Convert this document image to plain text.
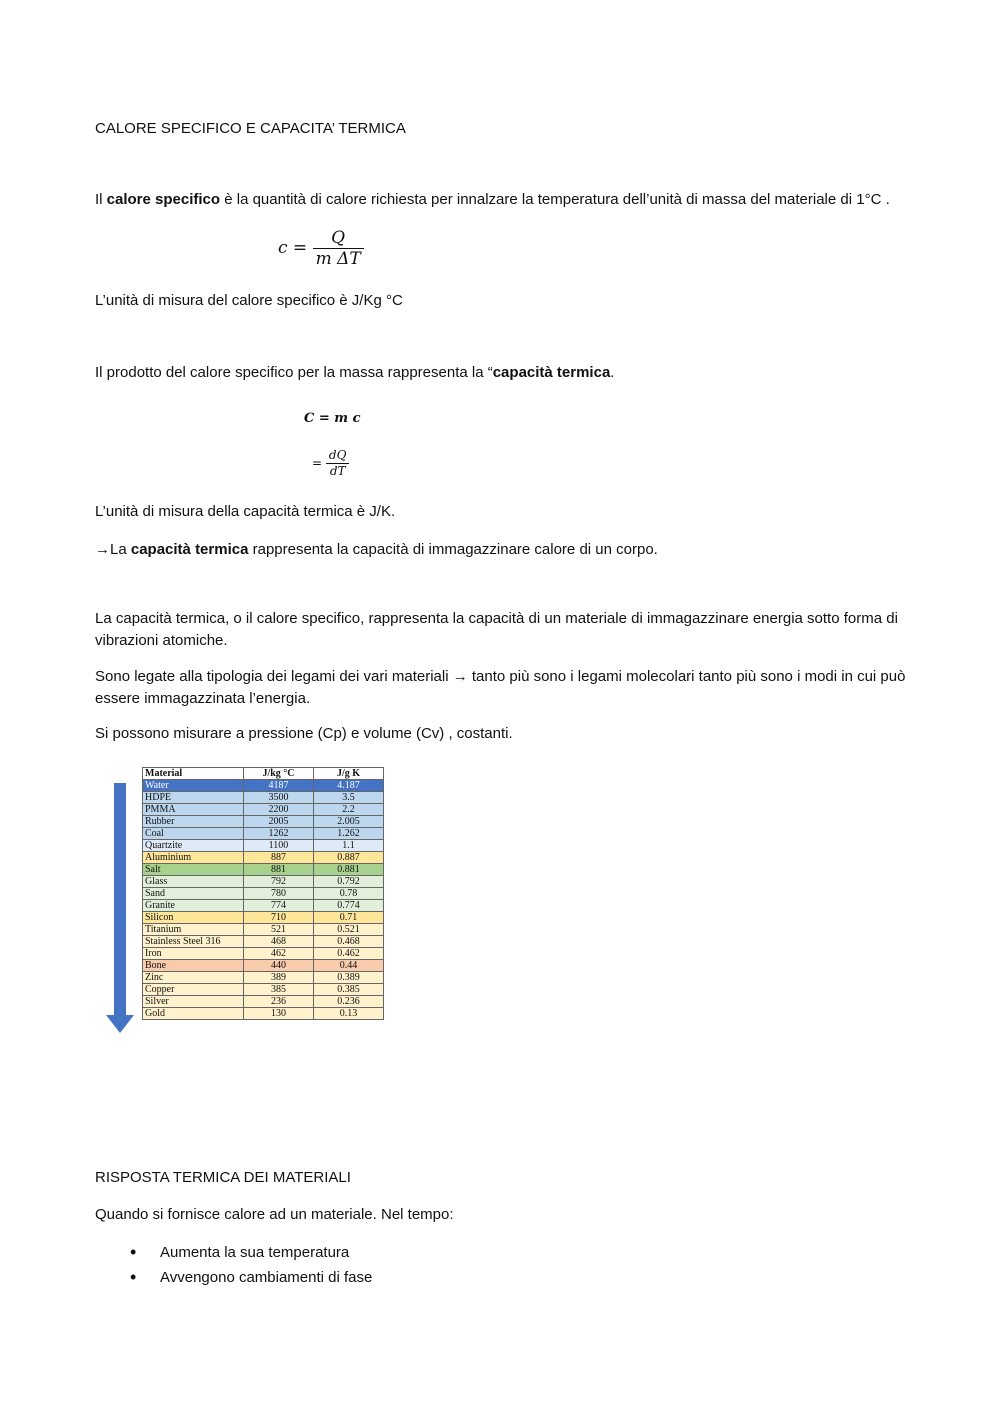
CALORE SPECIFICO E CAPACITA’ TERMICA
Il calore specifico è la quantità di calore richiesta per innalzare la temperatura dell’unità di massa del materiale di 1°C .
$c = \frac{Q}{\text{m ΔT}}$
L’unità di misura del calore specifico è J/Kg °C
Il prodotto del calore specifico per la massa rappresenta la “capacità termica.
C = m c
= $\frac{dQ}{dT}$
L’unità di misura della capacità termica è J/K.
→La capacità termica rappresenta la capacità di immagazzinare calore di un corpo.
La capacità termica, o il calore specifico, rappresenta la capacità di un materiale di immagazzinare energia sotto forma di vibrazioni atomiche.
Sono legate alla tipologia dei legami dei vari materiali → tanto più sono i legami molecolari tanto più sono i modi in cui può essere immagazzinata l’energia.
Si possono misurare a pressione (Cp) e volume (Cv) , costanti.
Material	J/kg °C	J/g K
Water	4187	4.187
HDPE	3500	3.5
PMMA	2200	2.2
Rubber	2005	2.005
Coal	1262	1.262
Quartzite	1100	1.1
Aluminium	887	0.887
Salt	881	0.881
Glass	792	0.792
Sand	780	0.78
Granite	774	0.774
Silicon	710	0.71
Titanium	521	0.521
Stainless Steel 316	468	0.468
Iron	462	0.462
Bone	440	0.44
Zinc	389	0.389
Copper	385	0.385
Silver	236	0.236
Gold	130	0.13
RISPOSTA TERMICA DEI MATERIALI
Quando si fornisce calore ad un materiale. Nel tempo:
• Aumenta la sua temperatura
• Avvengono cambiamenti di fase
